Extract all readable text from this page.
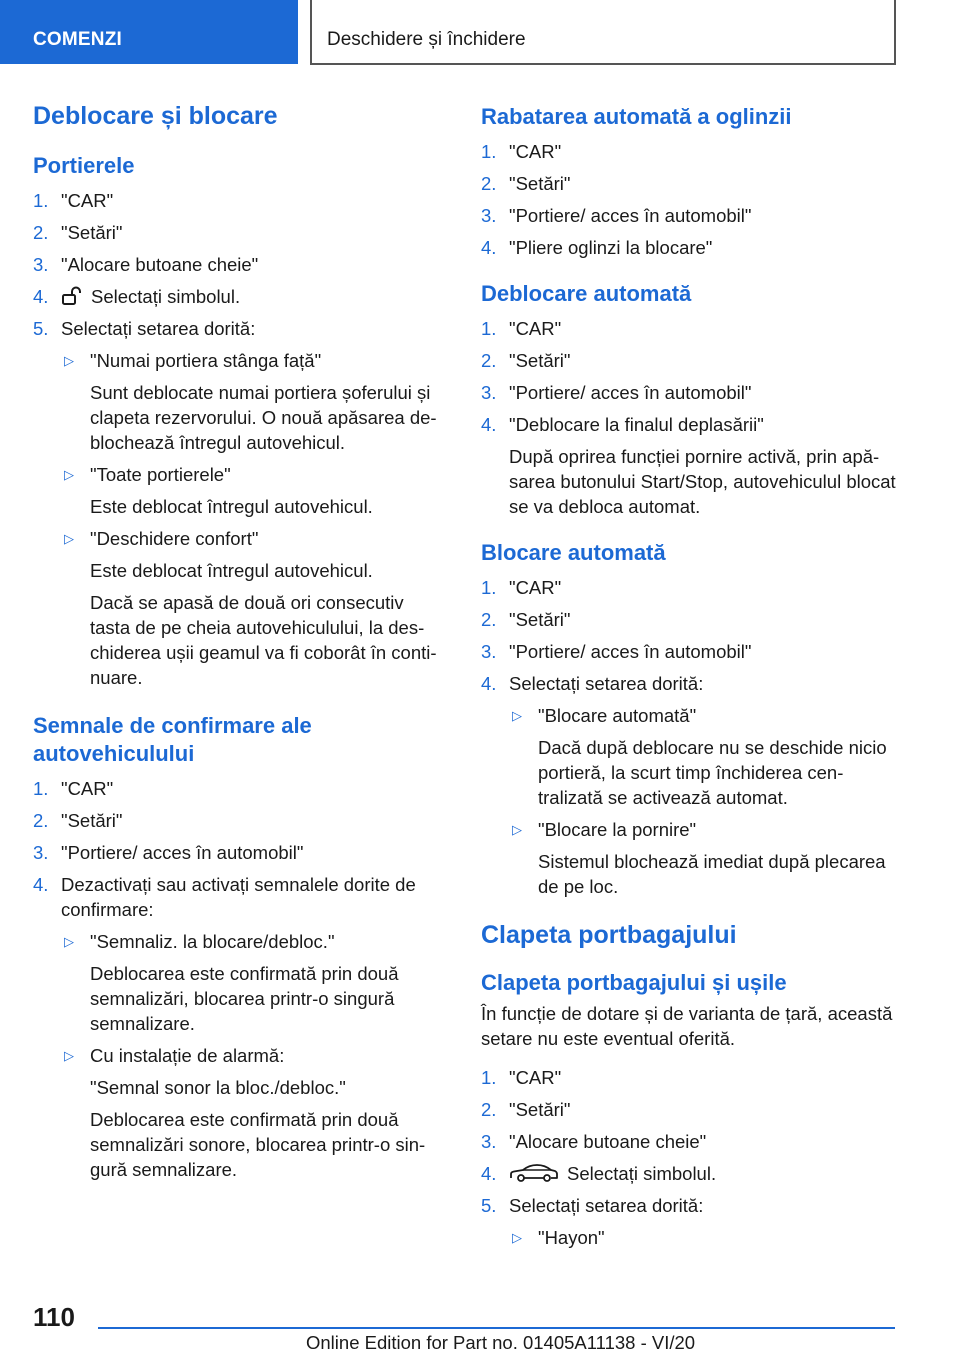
COMENZI	Deschidere și închidere
Deblocare și blocare
Portierele
1. "CAR"
2. "Setări"
3. "Alocare butoane cheie"
4. Selectați simbolul.
5. Selectați setarea dorită:
▷ "Numai portiera stânga față"

Sunt deblocate numai portiera șoferului și clapeta rezervorului. O nouă apăsarea deblochează întregul autovehicul.

▷ "Toate portierele"

Este deblocat întregul autovehicul.

▷ "Deschidere confort"

Este deblocat întregul autovehicul.

Dacă se apasă de două ori consecutiv tasta de pe cheia autovehiculului, la deschiderea ușii geamul va fi coborât în continuare.

Semnale de confirmare ale autovehiculului
1. "CAR"
2. "Setări"
3. "Portiere/ acces în automobil"
4. Dezactivați sau activați semnalele dorite de confirmare:
▷ "Semnaliz. la blocare/debloc."

Deblocarea este confirmată prin două semnalizări, blocarea printr-o singură semnalizare.

▷ Cu instalație de alarmă:

"Semnal sonor la bloc./debloc."

Deblocarea este confirmată prin două semnalizări sonore, blocarea printr-o singură semnalizare.

Rabatarea automată a oglinzii
1. "CAR"
2. "Setări"
3. "Portiere/ acces în automobil"
4. "Pliere oglinzi la blocare"
Deblocare automată
1. "CAR"
2. "Setări"
3. "Portiere/ acces în automobil"
4. "Deblocare la finalul deplasării"

După oprirea funcției pornire activă, prin apăsarea butonului Start/Stop, autovehiculul blocat se va debloca automat.

Blocare automată
1. "CAR"
2. "Setări"
3. "Portiere/ acces în automobil"
4. Selectați setarea dorită:
▷ "Blocare automată"

Dacă după deblocare nu se deschide nicio portieră, la scurt timp închiderea centralizată se activează automat.

▷ "Blocare la pornire"

Sistemul blochează imediat după plecarea de pe loc.

Clapeta portbagajului
Clapeta portbagajului și ușile

În funcție de dotare și de varianta de țară, această setare nu este eventual oferită.

1. "CAR"
2. "Setări"
3. "Alocare butoane cheie"
4.	Selectați simbolul.
5. Selectați setarea dorită:
▷ "Hayon"
110
Online Edition for Part no. 01405A11138 - VI/20
